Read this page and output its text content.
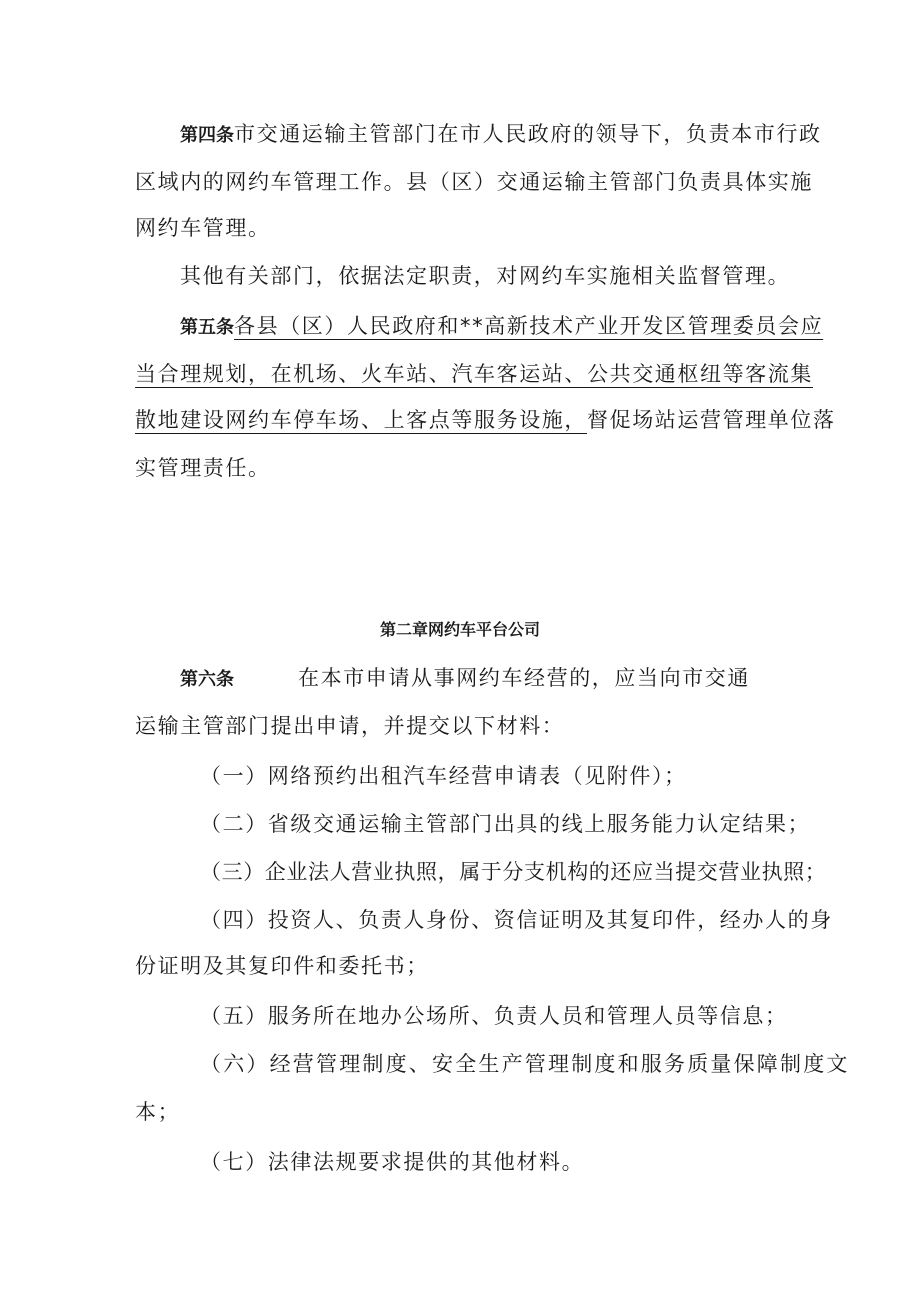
第四条市交通运输主管部门在市人民政府的领导下，负责本市行政
区域内的网约车管理工作。县（区）交通运输主管部门负责具体实施
网约车管理。
其他有关部门，依据法定职责，对网约车实施相关监督管理。
第五条各县（区）人民政府和**高新技术产业开发区管理委员会应
当合理规划，在机场、火车站、汽车客运站、公共交通枢纽等客流集
散地建设网约车停车场、上客点等服务设施，督促场站运营管理单位落
实管理责任。
第二章网约车平台公司
第六条	在本市申请从事网约车经营的，应当向市交通
运输主管部门提出申请，并提交以下材料：
（一）网络预约出租汽车经营申请表（见附件）；
（二）省级交通运输主管部门出具的线上服务能力认定结果；
（三）企业法人营业执照，属于分支机构的还应当提交营业执照；
（四）投资人、负责人身份、资信证明及其复印件，经办人的身
份证明及其复印件和委托书；
（五）服务所在地办公场所、负责人员和管理人员等信息；
（六）经营管理制度、安全生产管理制度和服务质量保障制度文
本；
（七）法律法规要求提供的其他材料。
